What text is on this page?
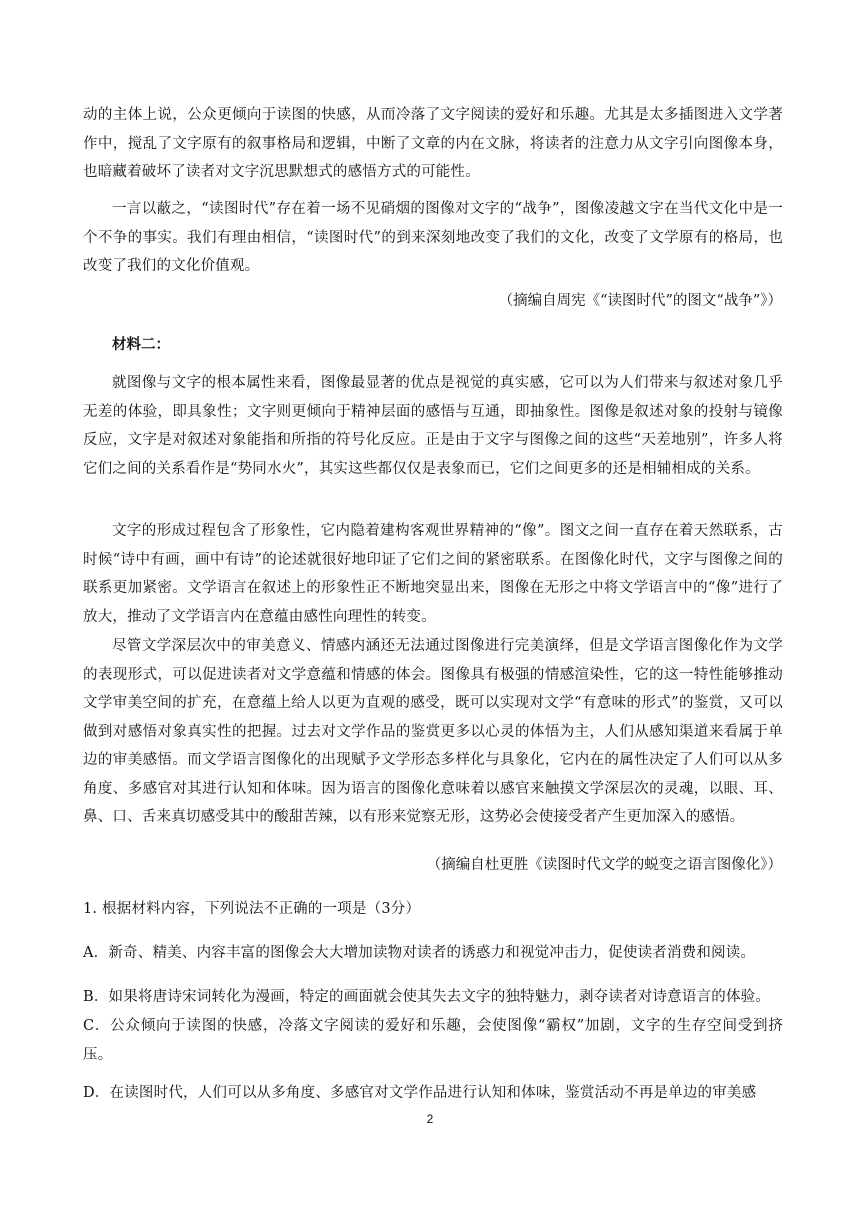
动的主体上说，公众更倾向于读图的快感，从而冷落了文字阅读的爱好和乐趣。尤其是太多插图进入文学著作中，搅乱了文字原有的叙事格局和逻辑，中断了文章的内在文脉，将读者的注意力从文字引向图像本身，也暗藏着破坏了读者对文字沉思默想式的感悟方式的可能性。

一言以蔽之，“读图时代”存在着一场不见硝烟的图像对文字的“战争”，图像凌越文字在当代文化中是一个不争的事实。我们有理由相信，“读图时代”的到来深刻地改变了我们的文化，改变了文学原有的格局，也改变了我们的文化价值观。

（摘编自周宪《“读图时代”的图文“战争”》）

材料二：

就图像与文字的根本属性来看，图像最显著的优点是视觉的真实感，它可以为人们带来与叙述对象几乎无差的体验，即具象性；文字则更倾向于精神层面的感悟与互通，即抽象性。图像是叙述对象的投射与镜像反应，文字是对叙述对象能指和所指的符号化反应。正是由于文字与图像之间的这些“天差地别”，许多人将它们之间的关系看作是“势同水火”，其实这些都仅仅是表象而已，它们之间更多的还是相辅相成的关系。

文字的形成过程包含了形象性，它内隐着建构客观世界精神的“像”。图文之间一直存在着天然联系，古时候“诗中有画，画中有诗”的论述就很好地印证了它们之间的紧密联系。在图像化时代，文字与图像之间的联系更加紧密。文学语言在叙述上的形象性正不断地突显出来，图像在无形之中将文学语言中的“像”进行了放大，推动了文学语言内在意蕴由感性向理性的转变。

尽管文学深层次中的审美意义、情感内涵还无法通过图像进行完美演绎，但是文学语言图像化作为文学的表现形式，可以促进读者对文学意蕴和情感的体会。图像具有极强的情感渲染性，它的这一特性能够推动文学审美空间的扩充，在意蕴上给人以更为直观的感受，既可以实现对文学“有意味的形式”的鉴赏，又可以做到对感悟对象真实性的把握。过去对文学作品的鉴赏更多以心灵的体悟为主，人们从感知渠道来看属于单边的审美感悟。而文学语言图像化的出现赋予文学形态多样化与具象化，它内在的属性决定了人们可以从多角度、多感官对其进行认知和体味。因为语言的图像化意味着以感官来触摸文学深层次的灵魂，以眼、耳、鼻、口、舌来真切感受其中的酸甜苦辣，以有形来觉察无形，这势必会使接受者产生更加深入的感悟。

（摘编自杜更胜《读图时代文学的蜕变之语言图像化》）

1. 根据材料内容，下列说法不正确的一项是（3分）

A．新奇、精美、内容丰富的图像会大大增加读物对读者的诱惑力和视觉冲击力，促使读者消费和阅读。

B．如果将唐诗宋词转化为漫画，特定的画面就会使其失去文字的独特魅力，剥夺读者对诗意语言的体验。

C．公众倾向于读图的快感，冷落文字阅读的爱好和乐趣，会使图像“霸权”加剧，文字的生存空间受到挤压。

D．在读图时代，人们可以从多角度、多感官对文学作品进行认知和体味，鉴赏活动不再是单边的审美感

2
